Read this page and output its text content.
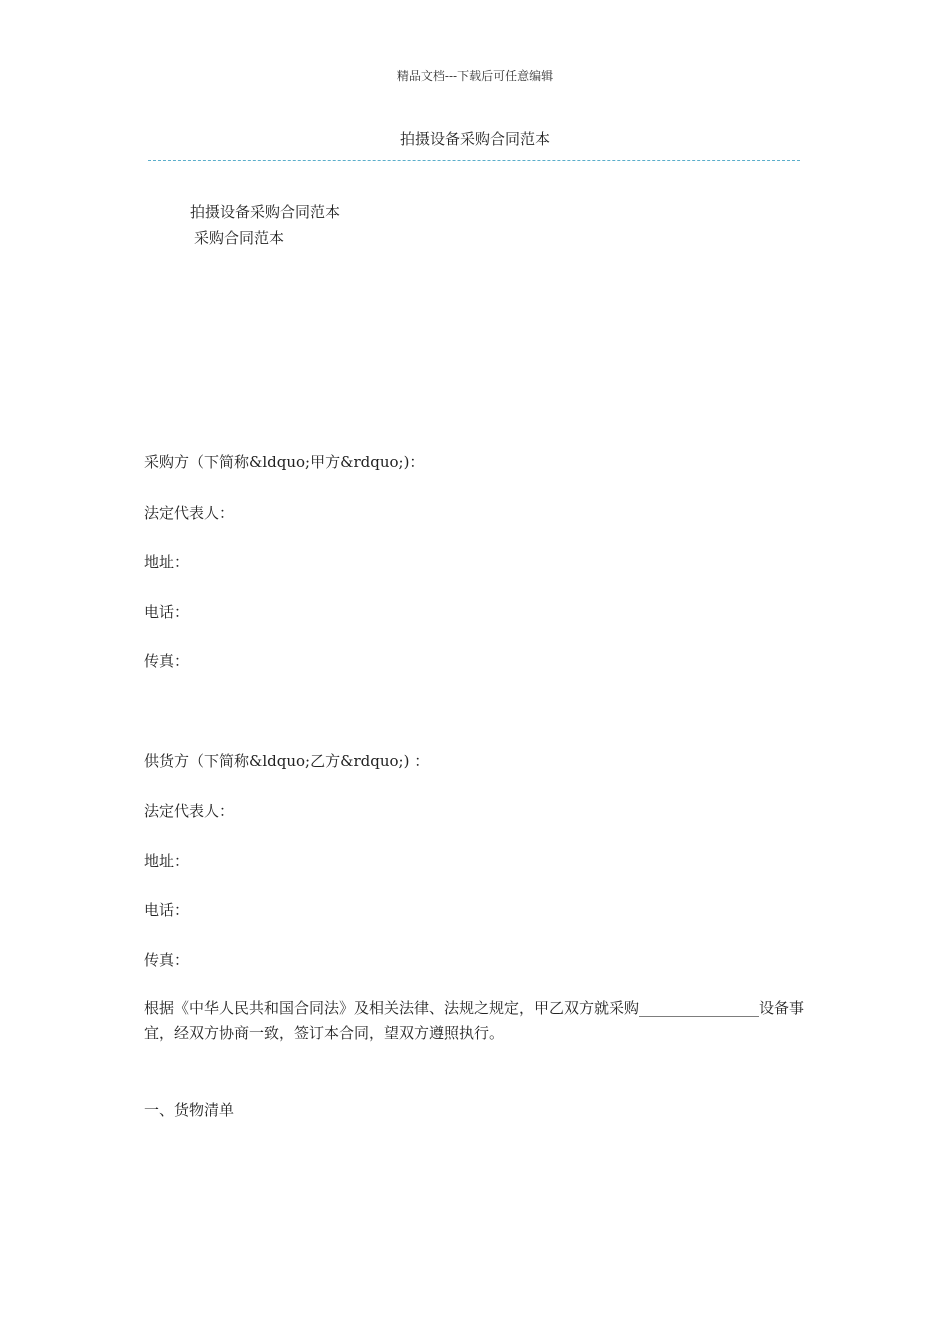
精品文档---下载后可任意编辑
拍摄设备采购合同范本
拍摄设备采购合同范本
采购合同范本
采购方（下简称&ldquo;甲方&rdquo;)：
法定代表人：
地址：
电话：
传真：
供货方（下简称&ldquo;乙方&rdquo;) ：
法定代表人：
地址：
电话：
传真：
根据《中华人民共和国合同法》及相关法律、法规之规定，甲乙双方就采购________________设备事宜，经双方协商一致，签订本合同，望双方遵照执行。
一、货物清单
